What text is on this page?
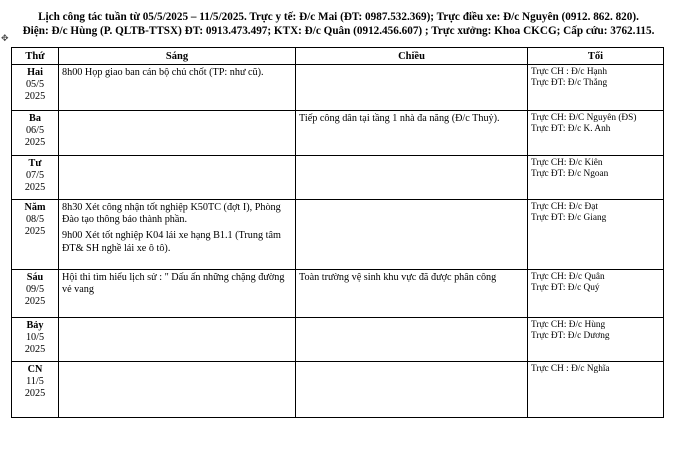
Lịch công tác tuần từ 05/5/2025 – 11/5/2025. Trực y tế: Đ/c Mai (ĐT: 0987.532.369); Trực điều xe: Đ/c Nguyên (0912. 862. 820).
Điện: Đ/c Hùng (P. QLTB-TTSX) ĐT: 0913.473.497; KTX: Đ/c Quân (0912.456.607) ; Trực xưởng: Khoa CKCG; Cấp cứu: 3762.115.
✥
Thứ	Sáng	Chiều	Tối

Hai
05/5
2025	8h00 Họp giao ban cán bộ chủ chốt (TP: như cũ).		Trực CH : Đ/c Hạnh
Trực ĐT: Đ/c Thắng

Ba
06/5
2025		Tiếp công dân tại tầng 1 nhà đa năng (Đ/c Thuỷ).	Trực CH: Đ/C Nguyên (ĐS)
Trực ĐT: Đ/c K. Anh

Tư
07/5
2025			Trực CH: Đ/c Kiên
Trực ĐT: Đ/c Ngoan

Năm
08/5
2025	8h30 Xét công nhận tốt nghiệp K50TC (đợt I), Phòng Đào tạo thông báo thành phần.
9h00 Xét tốt nghiệp K04 lái xe hạng B1.1 (Trung tâm ĐT& SH nghề lái xe ô tô).		Trực CH: Đ/c Đạt
Trực ĐT: Đ/c Giang

Sáu
09/5
2025	Hội thi tìm hiểu lịch sử : " Dấu ấn những chặng đường vẻ vang	Toàn trường vệ sinh khu vực đã được phân công	Trực CH: Đ/c Quân
Trực ĐT: Đ/c Quý

Bảy
10/5
2025			Trực CH: Đ/c Hùng
Trực ĐT: Đ/c Dương

CN
11/5
2025			Trực CH : Đ/c Nghĩa
